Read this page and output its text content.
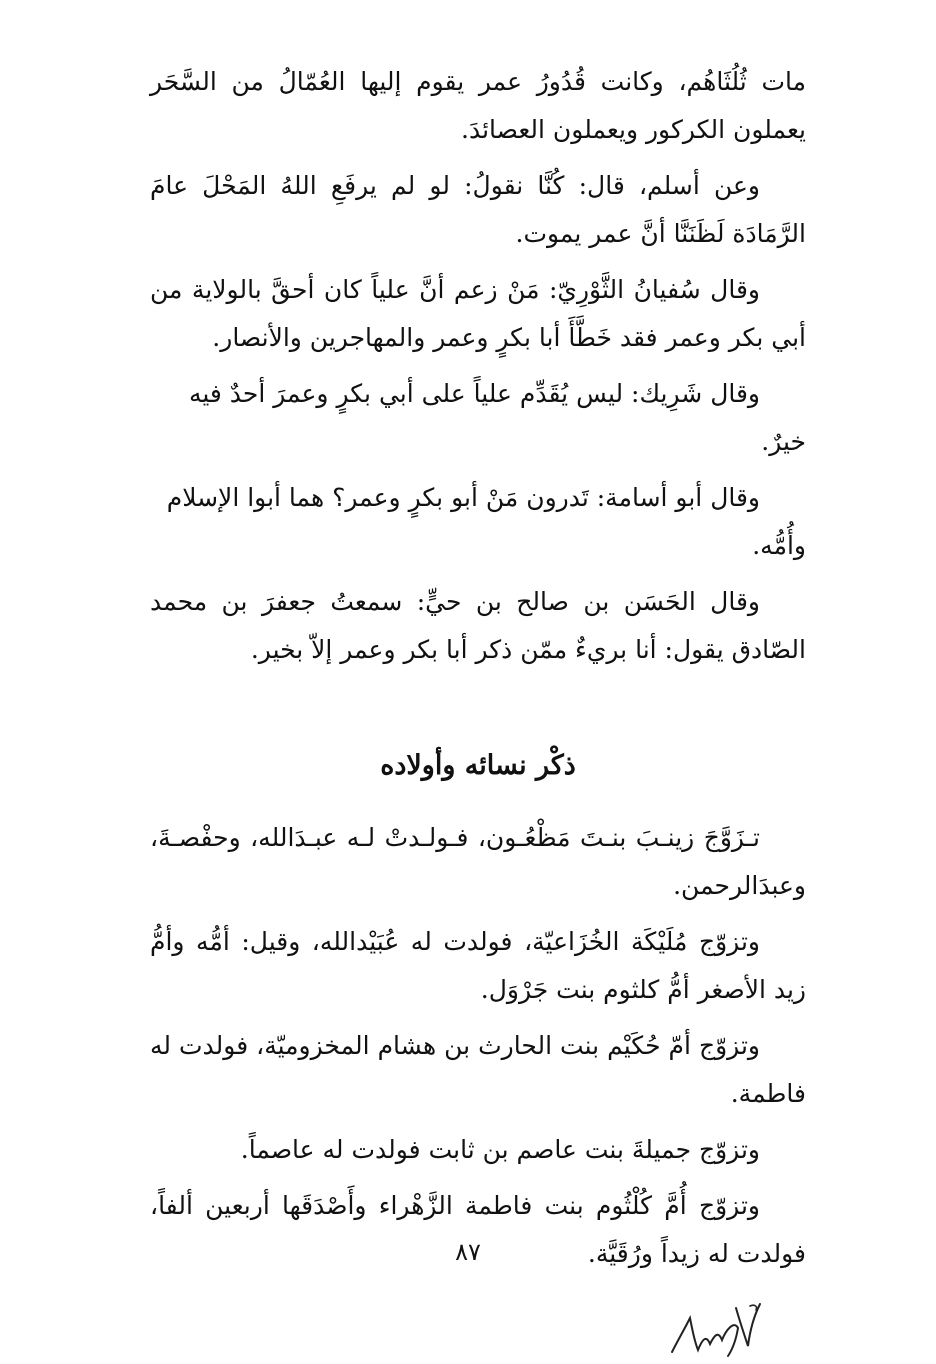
مات ثُلُثَاهُم، وكانت قُدُورُ عمر يقوم إليها العُمّالُ من السَّحَر يعملون الكركور ويعملون العصائدَ.

وعن أسلم، قال: كُنَّا نقولُ: لو لم يرفَعِ اللهُ المَحْلَ عامَ الرَّمَادَة لَظَنَنَّا أنَّ عمر يموت.

وقال سُفيانُ الثَّوْرِيّ: مَنْ زعم أنَّ علياً كان أحقَّ بالولاية من أبي بكر وعمر فقد خَطَّأَ أبا بكرٍ وعمر والمهاجرين والأنصار.

وقال شَرِيك: ليس يُقَدِّم علياً على أبي بكرٍ وعمرَ أحدٌ فيه خيرٌ.

وقال أبو أسامة: تَدرون مَنْ أبو بكرٍ وعمر؟ هما أبوا الإسلام وأُمُّه.

وقال الحَسَن بن صالح بن حيٍّ: سمعتُ جعفرَ بن محمد الصّادق يقول: أنا بريءٌ ممّن ذكر أبا بكر وعمر إلاّ بخير.

ذكْر نسائه وأولاده

تـزَوَّجَ زينـبَ بنـتَ مَظْعُـون، فـولـدتْ لـه عبـدَالله، وحفْصـةَ، وعبدَالرحمن.

وتزوّج مُلَيْكَة الخُزَاعيّة، فولدت له عُبَيْدالله، وقيل: أمُّه وأمُّ زيد الأصغر أمُّ كلثوم بنت جَرْوَل.

وتزوّج أمّ حُكَيْم بنت الحارث بن هشام المخزوميّة، فولدت له فاطمة.

وتزوّج جميلةَ بنت عاصم بن ثابت فولدت له عاصماً.

وتزوّج أُمَّ كُلْثُوم بنت فاطمة الزَّهْراء وأَصْدَقَها أربعين ألفاً، فولدت له زيداً ورُقَيَّة.

٨٧
